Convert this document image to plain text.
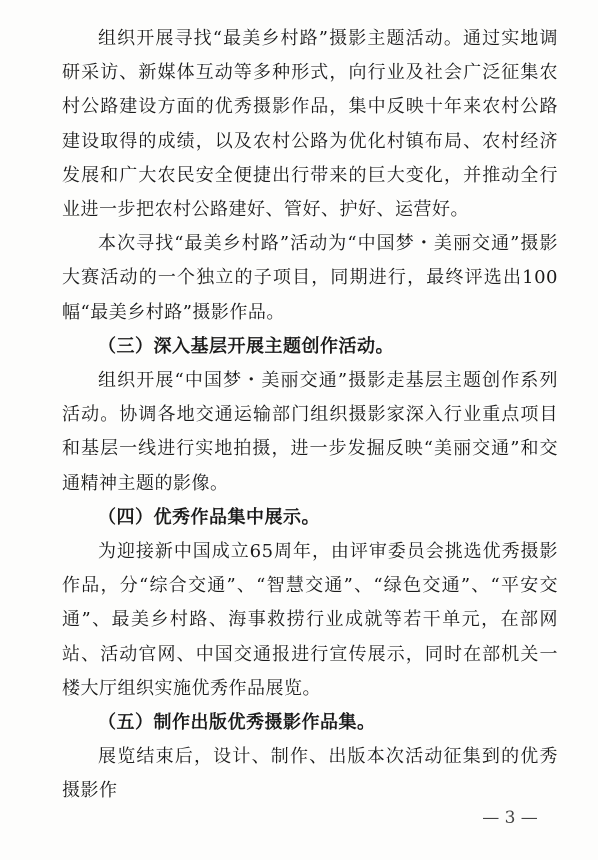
组织开展寻找“最美乡村路”摄影主题活动。通过实地调研采访、新媒体互动等多种形式，向行业及社会广泛征集农村公路建设方面的优秀摄影作品，集中反映十年来农村公路建设取得的成绩，以及农村公路为优化村镇布局、农村经济发展和广大农民安全便捷出行带来的巨大变化，并推动全行业进一步把农村公路建好、管好、护好、运营好。

本次寻找“最美乡村路”活动为“中国梦・美丽交通”摄影大赛活动的一个独立的子项目，同期进行，最终评选出100幅“最美乡村路”摄影作品。

（三）深入基层开展主题创作活动。

组织开展“中国梦・美丽交通”摄影走基层主题创作系列活动。协调各地交通运输部门组织摄影家深入行业重点项目和基层一线进行实地拍摄，进一步发掘反映“美丽交通”和交通精神主题的影像。

（四）优秀作品集中展示。

为迎接新中国成立65周年，由评审委员会挑选优秀摄影作品，分“综合交通”、“智慧交通”、“绿色交通”、“平安交通”、最美乡村路、海事救捞行业成就等若干单元，在部网站、活动官网、中国交通报进行宣传展示，同时在部机关一楼大厅组织实施优秀作品展览。

（五）制作出版优秀摄影作品集。

展览结束后，设计、制作、出版本次活动征集到的优秀摄影作

— 3 —
